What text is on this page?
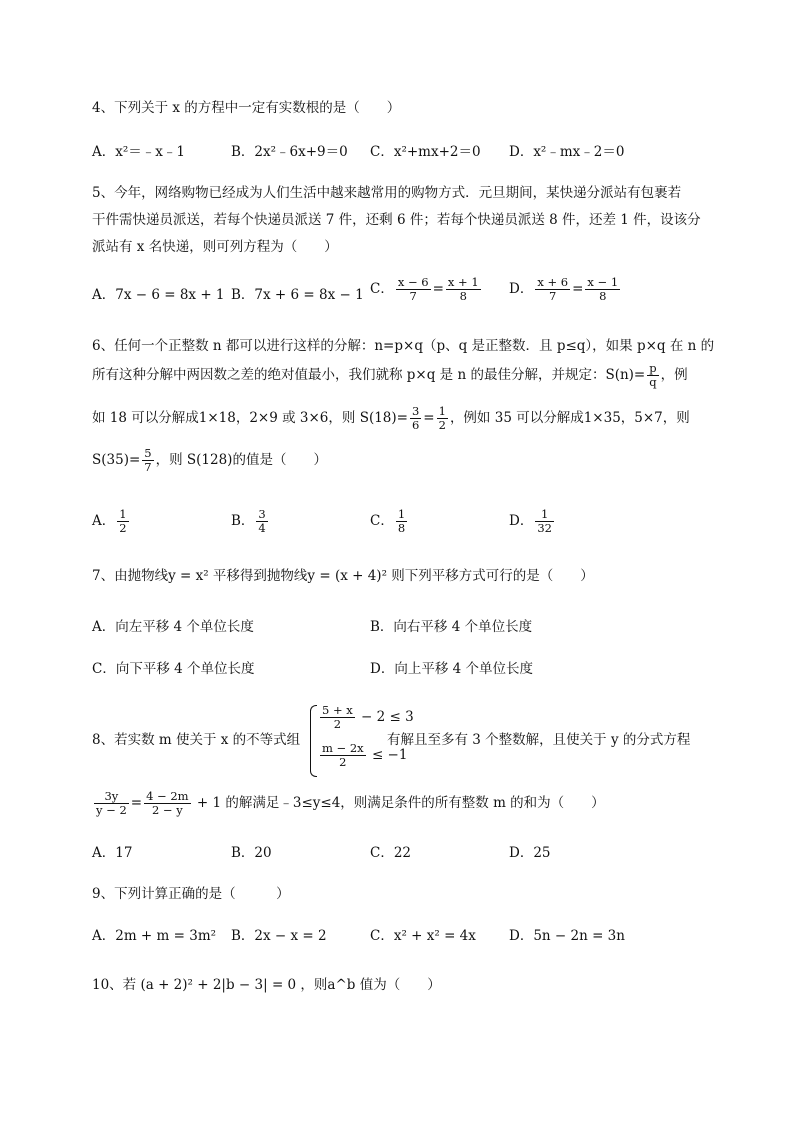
4、下列关于 x 的方程中一定有实数根的是（　　）
A．x²＝﹣x﹣1	B．2x²﹣6x+9＝0 C．x²+mx+2＝0 D．x²﹣mx﹣2＝0
5、今年，网络购物已经成为人们生活中越来越常用的购物方式．元旦期间，某快递分派站有包裹若
干件需快递员派送，若每个快递员派送 7 件，还剩 6 件；若每个快递员派送 8 件，还差 1 件，设该分
派站有 x 名快递，则可列方程为（　　）
A．7x − 6 = 8x + 1 B．7x + 6 = 8x − 1 C． $\frac{x - 6}{7} = \frac{x + 1}{8}$ D． $\frac{x + 6}{7} = \frac{x - 1}{8}$
6、任何一个正整数 n 都可以进行这样的分解：n=p×q（p、q 是正整数．且 p≤q），如果 p×q 在 n 的
所有这种分解中两因数之差的绝对值最小，我们就称 p×q 是 n 的最佳分解，并规定：$S(n)= \frac{p}{q}$ ，例
如 18 可以分解成1×18，2×9 或 3×6，则 $S(18)= \frac{3}{6} = \frac{1}{2}$ ，例如 35 可以分解成1×35，5×7，则
$S(35)= \frac{5}{7}$ ，则 S(128)的值是（　　）
A． $\frac{1}{2}$	B． $\frac{3}{4}$	C． $\frac{1}{8}$	D． $\frac{1}{32}$
7、由抛物线y = x² 平移得到抛物线y = (x + 4)² 则下列平移方式可行的是（　　）
A．向左平移 4 个单位长度	B．向右平移 4 个单位长度
C．向下平移 4 个单位长度	D．向上平移 4 个单位长度
8、若实数 m 使关于 x 的不等式组
$\frac{5 + x}{2} - 2 \le 3$
$\frac{m - 2x}{2} \le -1$
有解且至多有 3 个整数解，且使关于 y 的分式方程
$\frac{3y}{y - 2} = \frac{4 - 2m}{2 - y} + 1$ 的解满足﹣3≤y≤4，则满足条件的所有整数 m 的和为（　　）
A．17	B．20	C．22	D．25
9、下列计算正确的是（　　　）
A．2m + m = 3m² B．2x − x = 2	C．x² + x² = 4x D．5n − 2n = 3n
10、若 (a + 2)² + 2|b − 3| = 0 ，则a^b 值为（　　）
